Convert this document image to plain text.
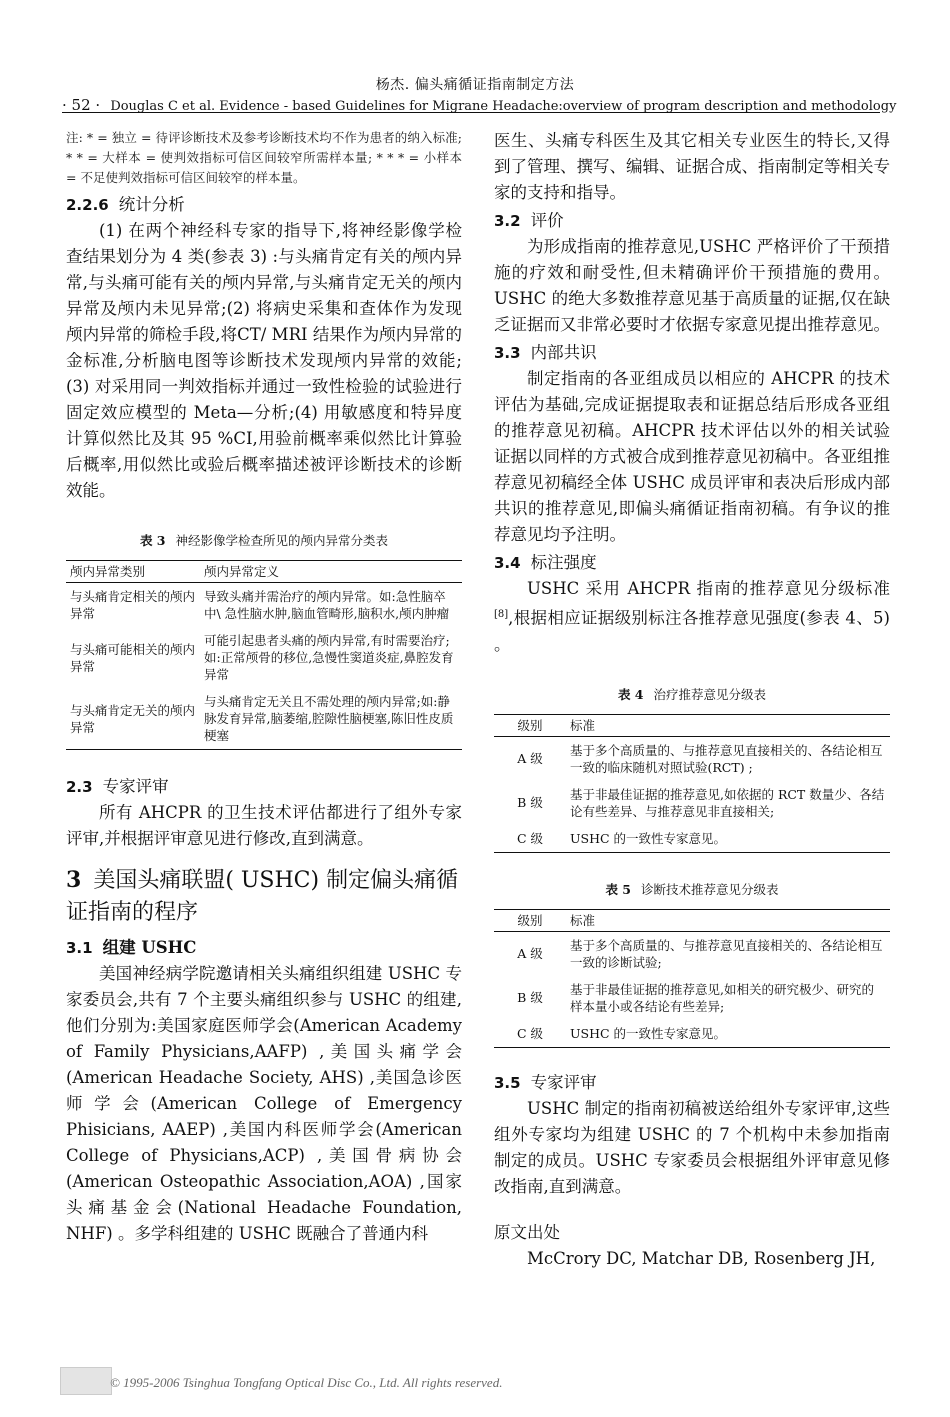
杨杰. 偏头痛循证指南制定方法
· 52 · Douglas C et al. Evidence - based Guidelines for Migrane Headache:overview of program description and methodology

注: * = 独立 = 待评诊断技术及参考诊断技术均不作为患者的纳入标准; * * = 大样本 = 使判效指标可信区间较窄所需样本量; * * * = 小样本 = 不足使判效指标可信区间较窄的样本量。

2.2.6 统计分析

(1) 在两个神经科专家的指导下,将神经影像学检查结果划分为 4 类(参表 3) :与头痛肯定有关的颅内异常,与头痛可能有关的颅内异常,与头痛肯定无关的颅内异常及颅内未见异常;(2) 将病史采集和查体作为发现颅内异常的筛检手段,将CT/ MRI 结果作为颅内异常的金标准,分析脑电图等诊断技术发现颅内异常的效能;(3) 对采用同一判效指标并通过一致性检验的试验进行固定效应模型的 Meta—分析;(4) 用敏感度和特异度计算似然比及其 95 %CI,用验前概率乘似然比计算验后概率,用似然比或验后概率描述被评诊断技术的诊断效能。

表 3 神经影像学检查所见的颅内异常分类表
颅内异常类别	颅内异常定义
与头痛肯定相关的颅内异常	导致头痛并需治疗的颅内异常。如:急性脑卒中\ 急性脑水肿,脑血管畸形,脑积水,颅内肿瘤
与头痛可能相关的颅内异常	可能引起患者头痛的颅内异常,有时需要治疗;如:正常颅骨的移位,急慢性窦道炎症,鼻腔发育异常
与头痛肯定无关的颅内异常	与头痛肯定无关且不需处理的颅内异常;如:静脉发育异常,脑萎缩,腔隙性脑梗塞,陈旧性皮质梗塞
2.3 专家评审

所有 AHCPR 的卫生技术评估都进行了组外专家评审,并根据评审意见进行修改,直到满意。

3 美国头痛联盟( USHC) 制定偏头痛循证指南的程序
3.1 组建 USHC

美国神经病学院邀请相关头痛组织组建 USHC 专家委员会,共有 7 个主要头痛组织参与 USHC 的组建,他们分别为:美国家庭医师学会(American Academy of Family Physicians,AAFP) ,美国头痛学会(American Headache Society, AHS) ,美国急诊医师学会(American College of Emergency Phisicians, AAEP) ,美国内科医师学会(American College of Physicians,ACP) ,美国骨病协会(American Osteopathic Association,AOA) ,国家头痛基金会(National Headache Foundation, NHF) 。多学科组建的 USHC 既融合了普通内科

医生、头痛专科医生及其它相关专业医生的特长,又得到了管理、撰写、编辑、证据合成、指南制定等相关专家的支持和指导。

3.2 评价

为形成指南的推荐意见,USHC 严格评价了干预措施的疗效和耐受性,但未精确评价干预措施的费用。USHC 的绝大多数推荐意见基于高质量的证据,仅在缺乏证据而又非常必要时才依据专家意见提出推荐意见。

3.3 内部共识

制定指南的各亚组成员以相应的 AHCPR 的技术评估为基础,完成证据提取表和证据总结后形成各亚组的推荐意见初稿。AHCPR 技术评估以外的相关试验证据以同样的方式被合成到推荐意见初稿中。各亚组推荐意见初稿经全体 USHC 成员评审和表决后形成内部共识的推荐意见,即偏头痛循证指南初稿。有争议的推荐意见均予注明。

3.4 标注强度

USHC 采用 AHCPR 指南的推荐意见分级标准[8],根据相应证据级别标注各推荐意见强度(参表 4、5) 。

表 4 治疗推荐意见分级表
级别	标准
A 级	基于多个高质量的、与推荐意见直接相关的、各结论相互一致的临床随机对照试验(RCT) ;
B 级	基于非最佳证据的推荐意见,如依据的 RCT 数量少、各结论有些差异、与推荐意见非直接相关;
C 级	USHC 的一致性专家意见。
表 5 诊断技术推荐意见分级表
级别	标准
A 级	基于多个高质量的、与推荐意见直接相关的、各结论相互一致的诊断试验;
B 级	基于非最佳证据的推荐意见,如相关的研究极少、研究的样本量小或各结论有些差异;
C 级	USHC 的一致性专家意见。
3.5 专家评审

USHC 制定的指南初稿被送给组外专家评审,这些组外专家均为组建 USHC 的 7 个机构中未参加指南制定的成员。USHC 专家委员会根据组外评审意见修改指南,直到满意。

原文出处

McCrory DC, Matchar DB, Rosenberg JH,

© 1995-2006 Tsinghua Tongfang Optical Disc Co., Ltd. All rights reserved.
